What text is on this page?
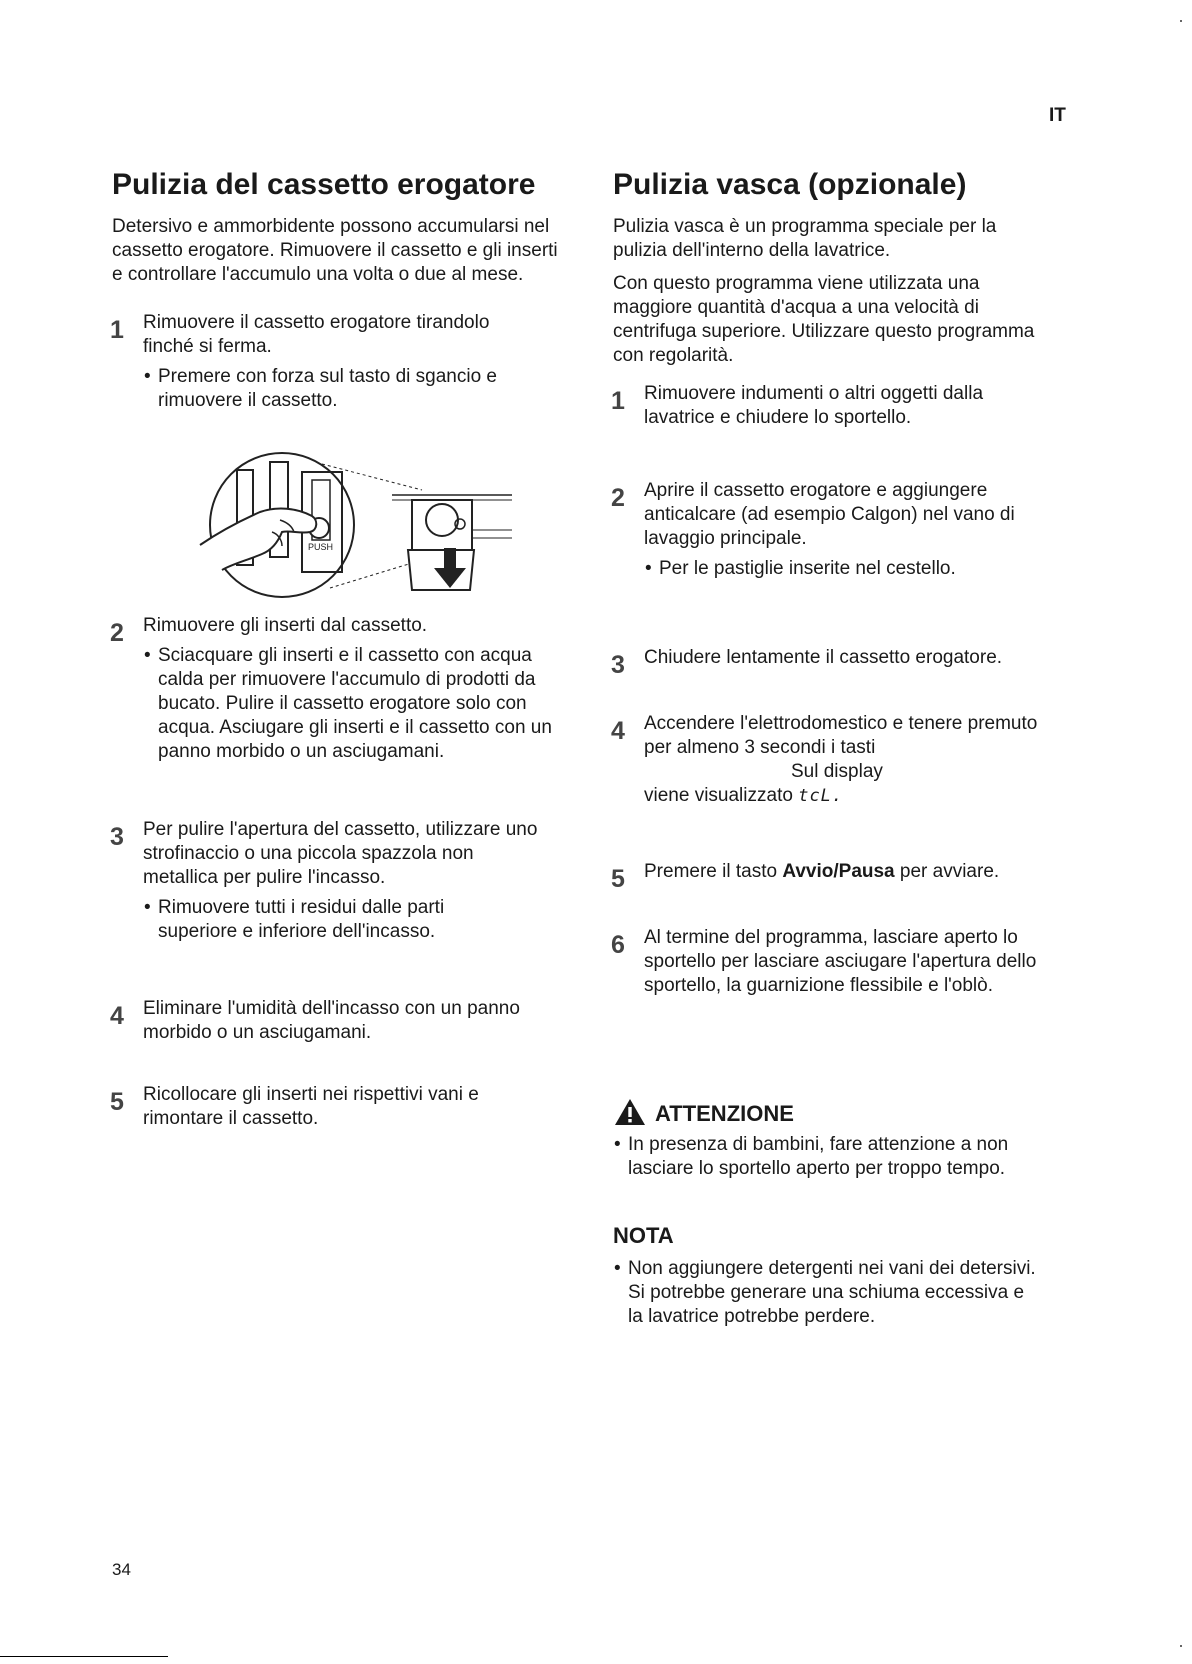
IT
Pulizia del cassetto erogatore

Detersivo e ammorbidente possono accumularsi nel cassetto erogatore. Rimuovere il cassetto e gli inserti e controllare l'accumulo una volta o due al mese.

1 Rimuovere il cassetto erogatore tirandolo finché si ferma.

• Premere con forza sul tasto di sgancio e rimuovere il cassetto.

PUSH
2 Rimuovere gli inserti dal cassetto.

• Sciacquare gli inserti e il cassetto con acqua calda per rimuovere l'accumulo di prodotti da bucato. Pulire il cassetto erogatore solo con acqua. Asciugare gli inserti e il cassetto con un panno morbido o un asciugamani.

3 Per pulire l'apertura del cassetto, utilizzare uno strofinaccio o una piccola spazzola non metallica per pulire l'incasso.

• Rimuovere tutti i residui dalle parti superiore e inferiore dell'incasso.

4 Eliminare l'umidità dell'incasso con un panno morbido o un asciugamani.

5 Ricollocare gli inserti nei rispettivi vani e rimontare il cassetto.

Pulizia vasca (opzionale)

Pulizia vasca è un programma speciale per la pulizia dell'interno della lavatrice.

Con questo programma viene utilizzata una maggiore quantità d'acqua a una velocità di centrifuga superiore. Utilizzare questo programma con regolarità.

1 Rimuovere indumenti o altri oggetti dalla lavatrice e chiudere lo sportello.

2 Aprire il cassetto erogatore e aggiungere anticalcare (ad esempio Calgon) nel vano di lavaggio principale.

• Per le pastiglie inserite nel cestello.

3 Chiudere lentamente il cassetto erogatore.

4 Accendere l'elettrodomestico e tenere premuto per almeno 3 secondi i tasti

Sul display

viene visualizzato tcL.

5 Premere il tasto Avvio/Pausa per avviare.

6 Al termine del programma, lasciare aperto lo sportello per lasciare asciugare l'apertura dello sportello, la guarnizione flessibile e l'oblò.

ATTENZIONE
• In presenza di bambini, fare attenzione a non lasciare lo sportello aperto per troppo tempo.
NOTA
• Non aggiungere detergenti nei vani dei detersivi. Si potrebbe generare una schiuma eccessiva e la lavatrice potrebbe perdere.
34
